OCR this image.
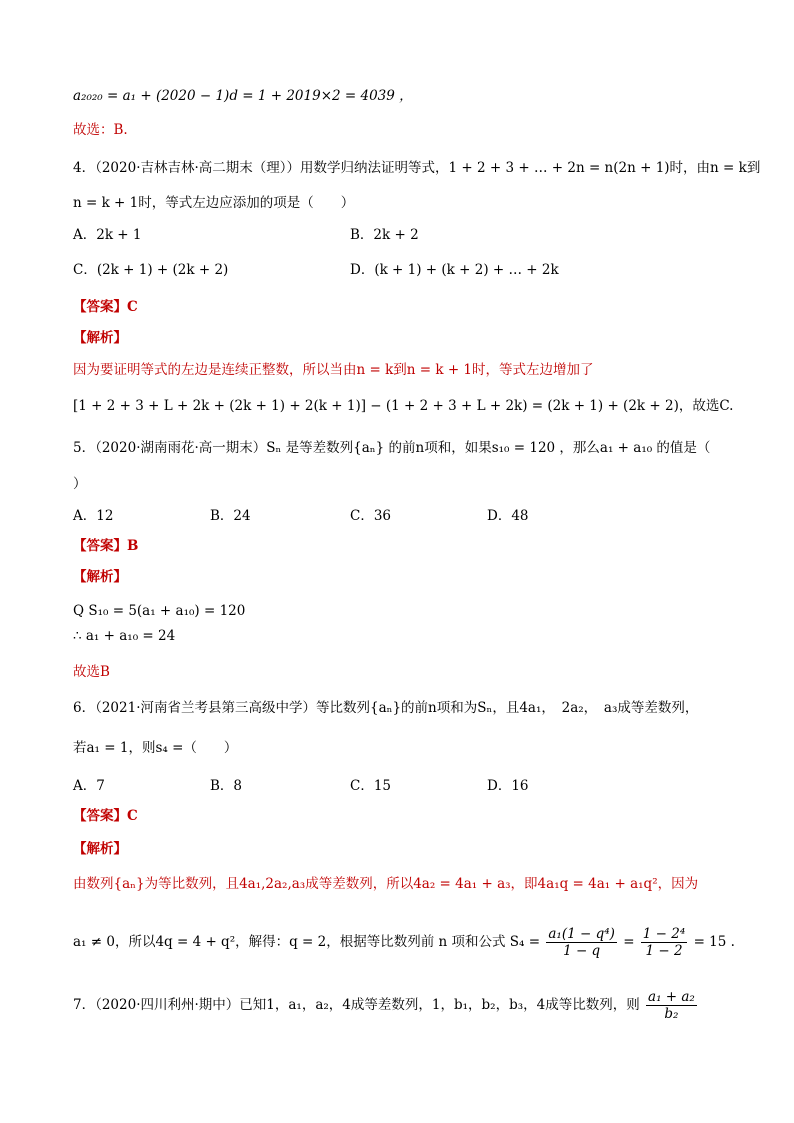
a₂₀₂₀ = a₁ + (2020 − 1)d = 1 + 2019×2 = 4039 ，
故选：B.
4．（2020·吉林吉林·高二期末（理））用数学归纳法证明等式，1 + 2 + 3 + … + 2n = n(2n + 1)时，由n = k到
n = k + 1时，等式左边应添加的项是（　　）
A．2k + 1	B．2k + 2
C．(2k + 1) + (2k + 2)	D．(k + 1) + (k + 2) + … + 2k
【答案】C
【解析】
因为要证明等式的左边是连续正整数，所以当由n = k到n = k + 1时，等式左边增加了
[1 + 2 + 3 + L + 2k + (2k + 1) + 2(k + 1)] − (1 + 2 + 3 + L + 2k) = (2k + 1) + (2k + 2)，故选C.
5．（2020·湖南雨花·高一期末）Sₙ 是等差数列{aₙ} 的前n项和，如果s₁₀ = 120 ，那么a₁ + a₁₀ 的值是（
）
A．12	B．24	C．36	D．48
【答案】B
【解析】
Q S₁₀ = 5(a₁ + a₁₀) = 120
∴ a₁ + a₁₀ = 24
故选B
6．（2021·河南省兰考县第三高级中学）等比数列{aₙ}的前n项和为Sₙ，且4a₁，　2a₂，　a₃成等差数列，
若a₁ = 1，则s₄ =（　　）
A．7	B．8	C．15	D．16
【答案】C
【解析】
由数列{aₙ}为等比数列，且4a₁,2a₂,a₃成等差数列，所以4a₂ = 4a₁ + a₃，即4a₁q = 4a₁ + a₁q²，因为
a₁ ≠ 0，所以4q = 4 + q²，解得：q = 2，根据等比数列前 n 项和公式 $S_4 = \frac{\text{a₁(1 − q⁴)}}{1 - q} = \frac{\text{1 − 2⁴}}{1 - 2} = 15$ .
7．（2020·四川利州·期中）已知1，a₁，a₂，4成等差数列，1，b₁，b₂，b₃，4成等比数列，则 $\frac{\text{a₁ + a₂}}{\text{b₂}}$
